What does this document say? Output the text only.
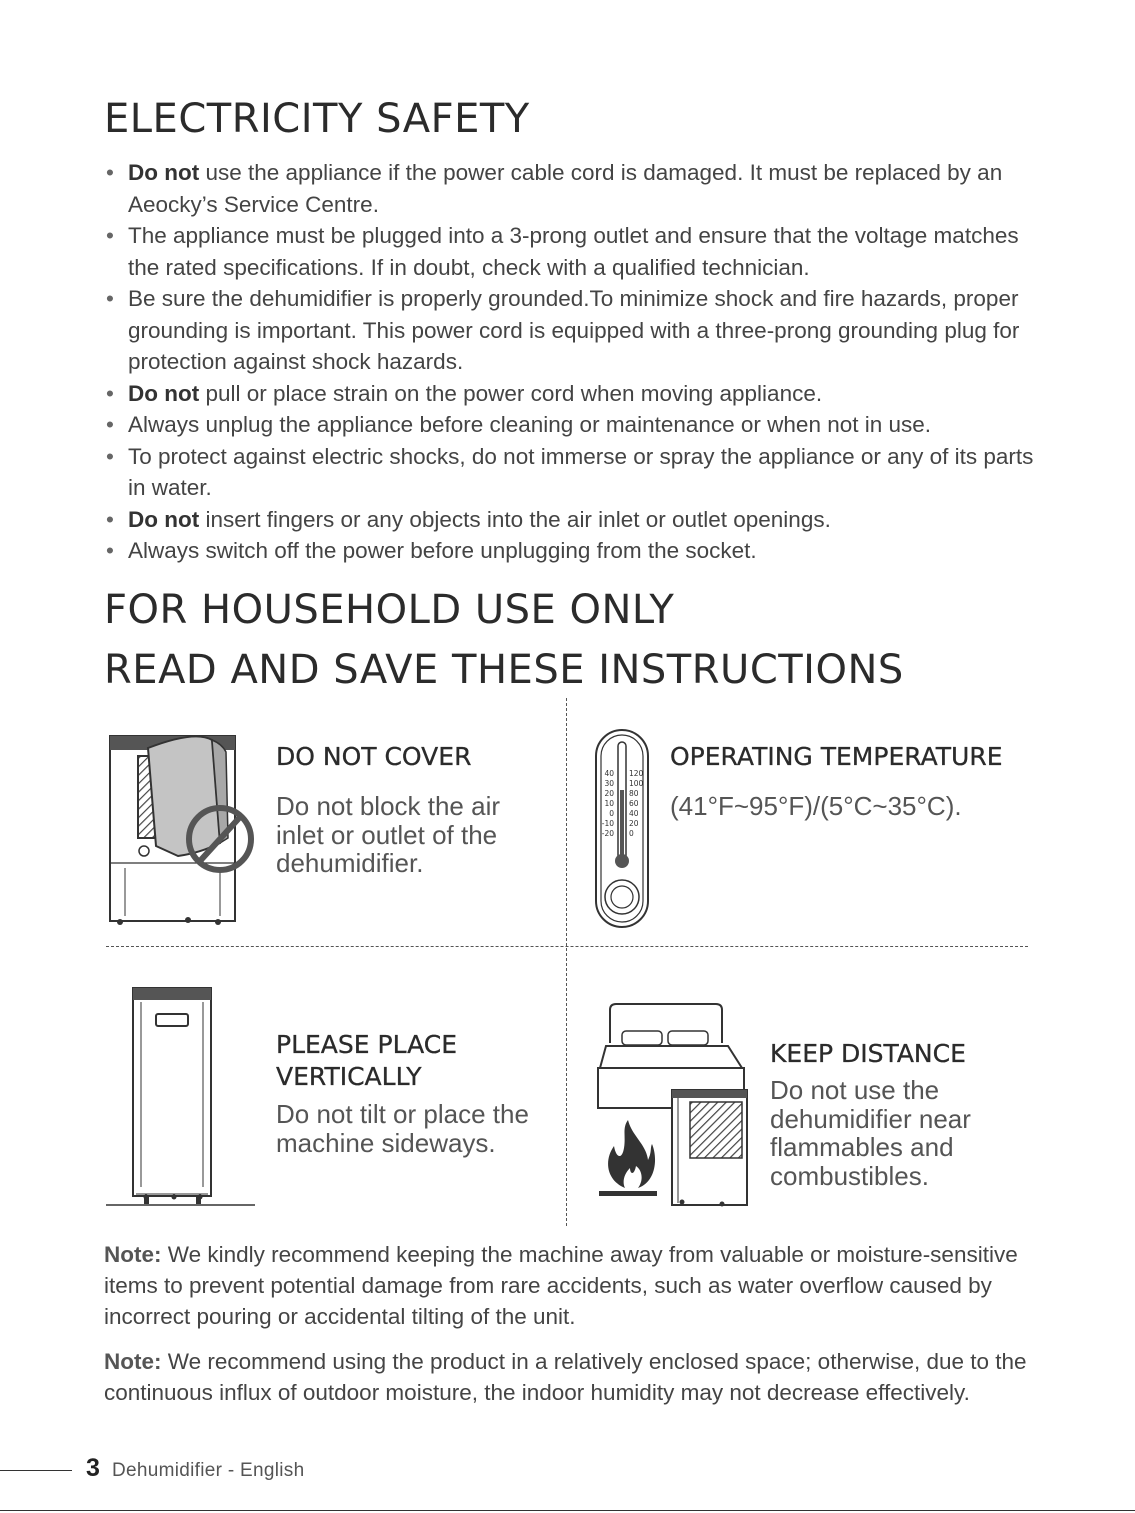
ELECTRICITY SAFETY
• Do not use the appliance if the power cable cord is damaged. It must be replaced by an Aeocky’s Service Centre.
• The appliance must be plugged into a 3-prong outlet and ensure that the voltage matches the rated specifications. If in doubt, check with a qualified technician.
• Be sure the dehumidifier is properly grounded.To minimize shock and fire hazards, proper grounding is important. This power cord is equipped with a three-prong grounding plug for protection against shock hazards.
• Do not pull or place strain on the power cord when moving appliance.
• Always unplug the appliance before cleaning or maintenance or when not in use.
• To protect against electric shocks, do not immerse or spray the appliance or any of its parts in water.
• Do not insert fingers or any objects into the air inlet or outlet openings.
• Always switch off the power before unplugging from the socket.
FOR HOUSEHOLD USE ONLY
READ AND SAVE THESE INSTRUCTIONS
DO NOT COVER
Do not block the air inlet or outlet of the dehumidifier.
40
30
20
10
0
-10
-20
120
100
80
60
40
20
0
OPERATING TEMPERATURE
(41°F~95°F)/(5°C~35°C).
PLEASE PLACE VERTICALLY
Do not tilt or place the machine sideways.
KEEP DISTANCE
Do not use the dehumidifier near flammables and combustibles.

Note: We kindly recommend keeping the machine away from valuable or moisture-sensitive items to prevent potential damage from rare accidents, such as water overflow caused by incorrect pouring or accidental tilting of the unit.

Note: We recommend using the product in a relatively enclosed space; otherwise, due to the continuous influx of outdoor moisture, the indoor humidity may not decrease effectively.

3 Dehumidifier - English
